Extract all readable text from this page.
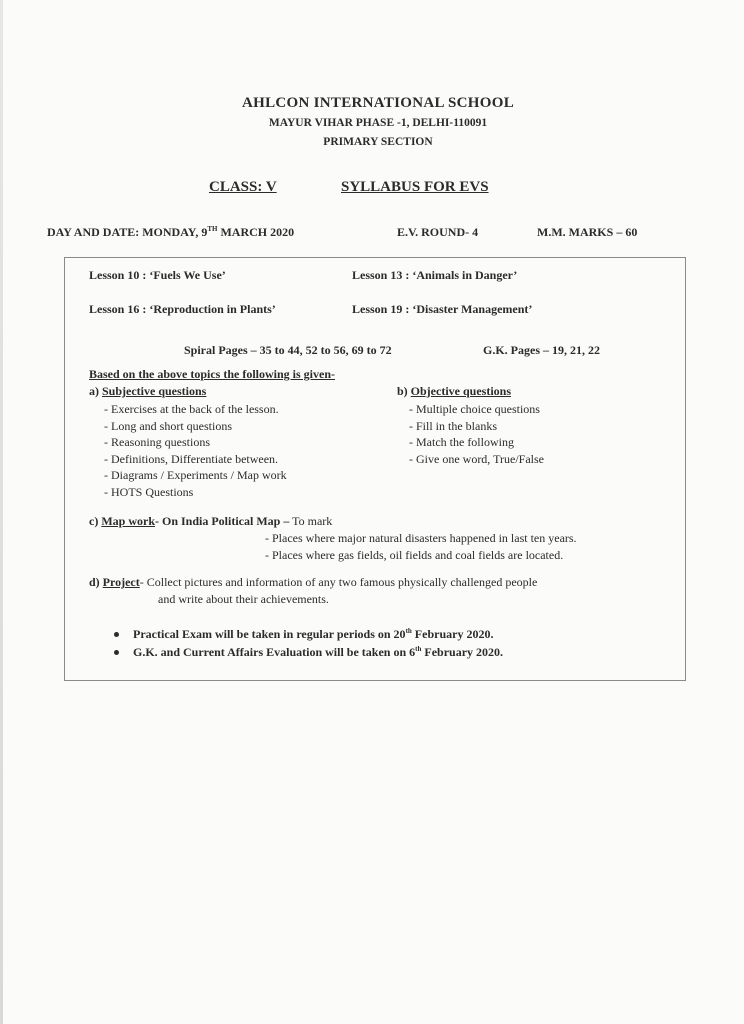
AHLCON INTERNATIONAL SCHOOL
MAYUR VIHAR PHASE -1, DELHI-110091
PRIMARY SECTION
CLASS: V	SYLLABUS FOR EVS
DAY AND DATE: MONDAY, 9TH MARCH 2020	E.V. ROUND- 4	M.M. MARKS – 60
Lesson 10 : ‘Fuels We Use’	Lesson 13 : ‘Animals in Danger’
Lesson 16 : ‘Reproduction in Plants’	Lesson 19 : ‘Disaster Management’
Spiral Pages – 35 to 44, 52 to 56, 69 to 72	G.K. Pages – 19, 21, 22
Based on the above topics the following is given-
a) Subjective questions
- Exercises at the back of the lesson.
- Long and short questions
- Reasoning questions
- Definitions, Differentiate between.
- Diagrams / Experiments / Map work
- HOTS Questions
b) Objective questions
- Multiple choice questions
- Fill in the blanks
- Match the following
- Give one word, True/False
c) Map work- On India Political Map – To mark
- Places where major natural disasters happened in last ten years.
- Places where gas fields, oil fields and coal fields are located.
d) Project- Collect pictures and information of any two famous physically challenged people
and write about their achievements.
Practical Exam will be taken in regular periods on 20th February 2020.
G.K. and Current Affairs Evaluation will be taken on 6th February 2020.
